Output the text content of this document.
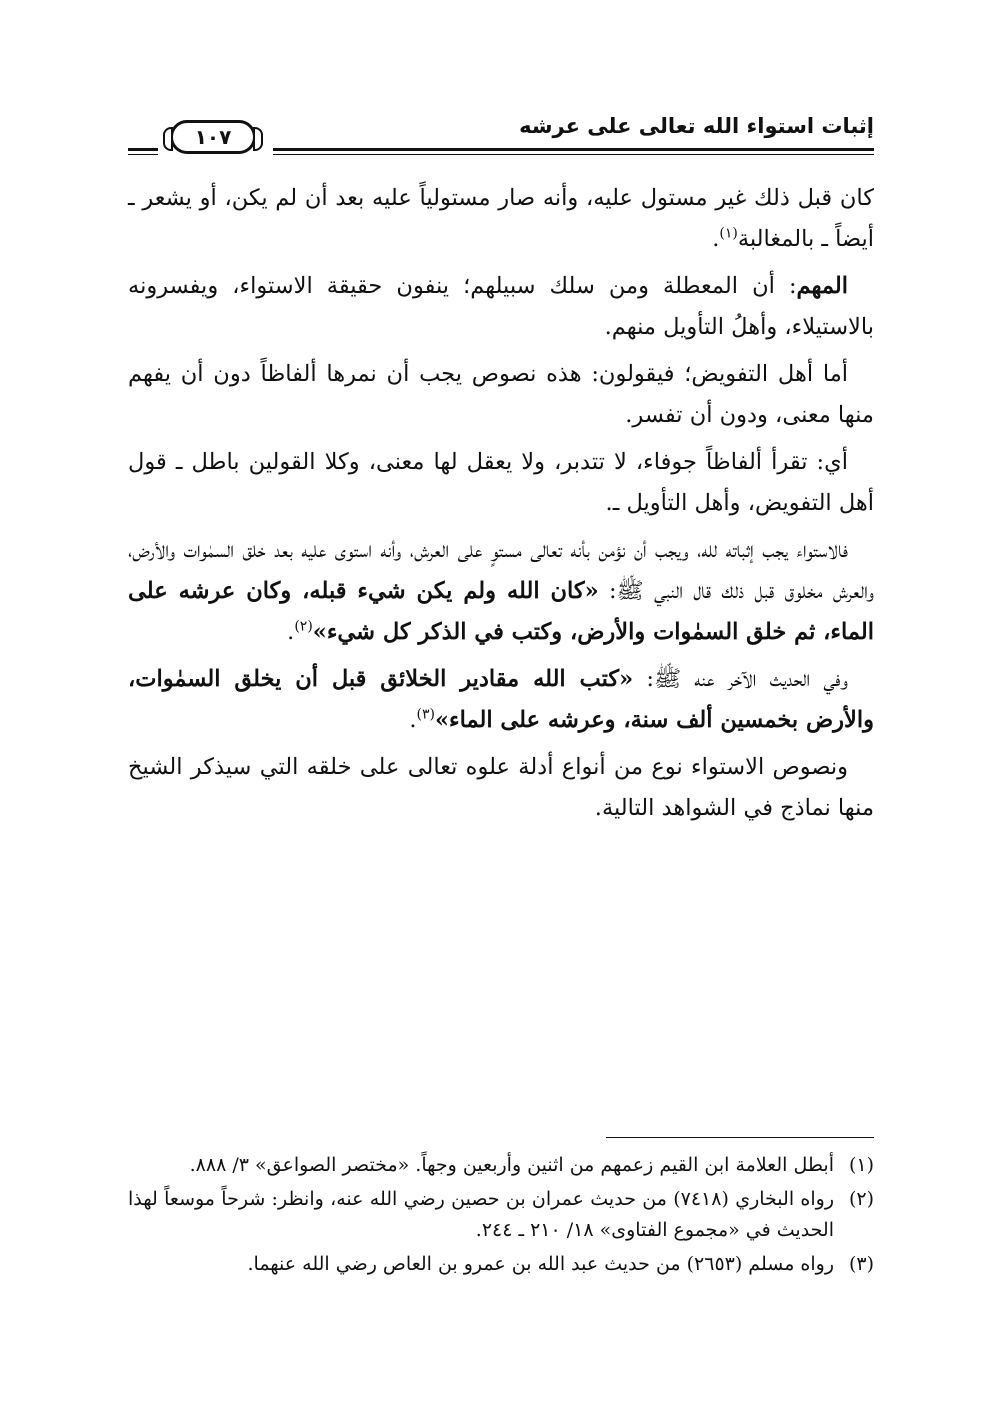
إثبات استواء الله تعالى على عرشه
١٠٧

كان قبل ذلك غير مستول عليه، وأنه صار مستولياً عليه بعد أن لم يكن، أو يشعر ـ أيضاً ـ بالمغالبة$^{(١)}$.

المهم: أن المعطلة ومن سلك سبيلهم؛ ينفون حقيقة الاستواء، ويفسرونه بالاستيلاء، وأهلُ التأويل منهم.

أما أهل التفويض؛ فيقولون: هذه نصوص يجب أن نمرها ألفاظاً دون أن يفهم منها معنى، ودون أن تفسر.

أي: تقرأ ألفاظاً جوفاء، لا تتدبر، ولا يعقل لها معنى، وكلا القولين باطل ـ قول أهل التفويض، وأهل التأويل ـ.

فالاستواء يجب إثباته لله، ويجب أن نؤمن بأنه تعالى مستوٍ على العرش، وأنه استوى عليه بعد خلق السمٰوات والأرض، والعرش مخلوق قبل ذلك قال النبي ﷺ: «كان الله ولم يكن شيء قبله، وكان عرشه على الماء، ثم خلق السمٰوات والأرض، وكتب في الذكر كل شيء»$^{(٢)}$.

وفي الحديث الآخر عنه ﷺ: «كتب الله مقادير الخلائق قبل أن يخلق السمٰوات، والأرض بخمسين ألف سنة، وعرشه على الماء»$^{(٣)}$.

ونصوص الاستواء نوع من أنواع أدلة علوه تعالى على خلقه التي سيذكر الشيخ منها نماذج في الشواهد التالية.

(١)
أبطل العلامة ابن القيم زعمهم من اثنين وأربعين وجهاً. «مختصر الصواعق» ٣/ ٨٨٨.
(٢)
رواه البخاري (٧٤١٨) من حديث عمران بن حصين رضي الله عنه، وانظر: شرحاً موسعاً لهذا الحديث في «مجموع الفتاوى» ١٨/ ٢١٠ ـ ٢٤٤.
(٣)
رواه مسلم (٢٦٥٣) من حديث عبد الله بن عمرو بن العاص رضي الله عنهما.
